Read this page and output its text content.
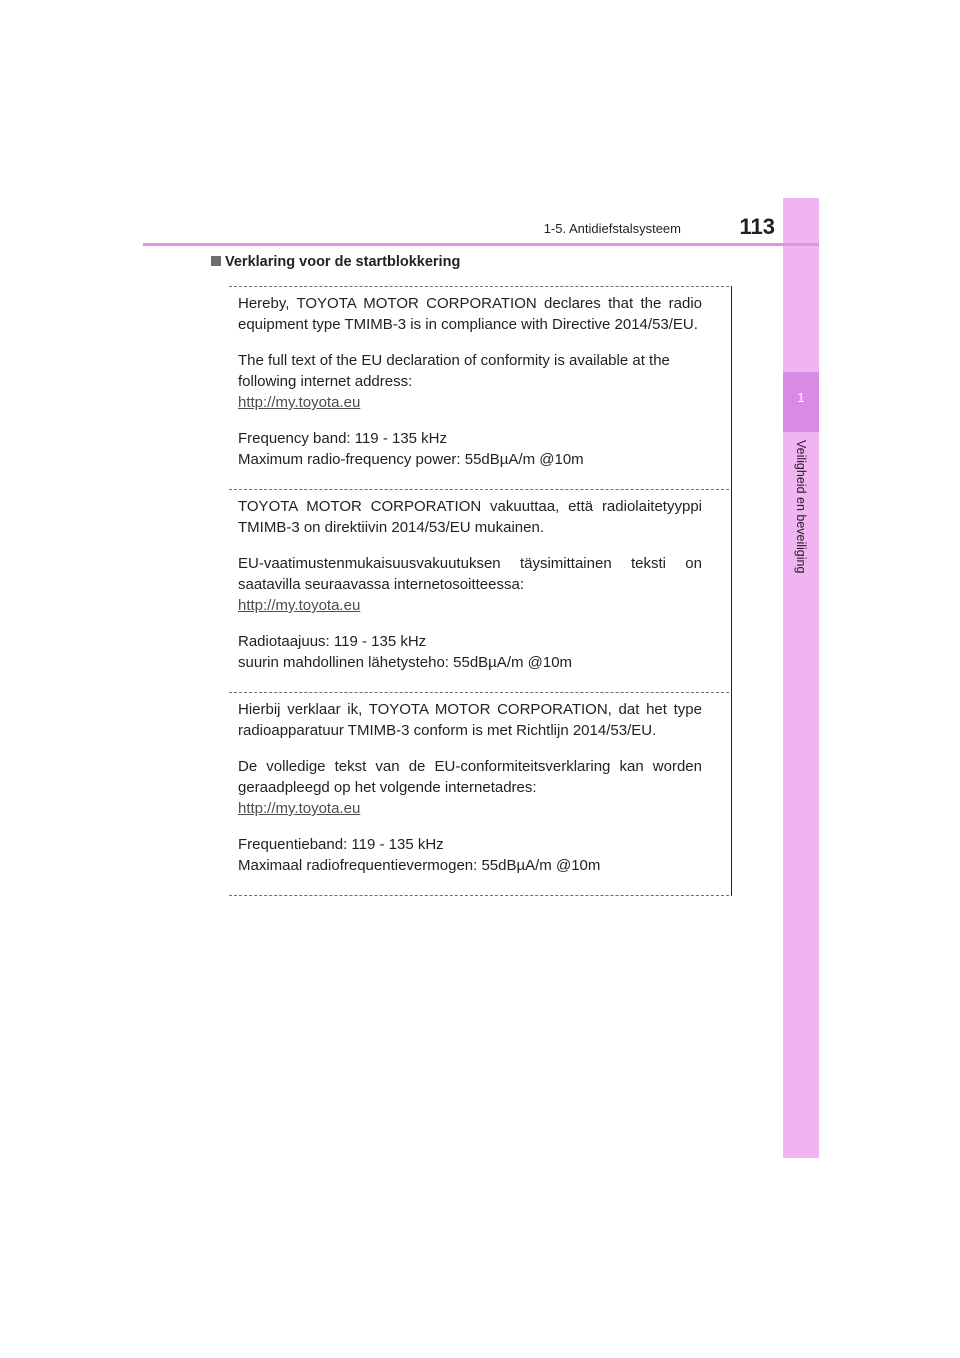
1
Veiligheid en beveiliging
1-5. Antidiefstalsysteem	113
Verklaring voor de startblokkering

Hereby, TOYOTA MOTOR CORPORATION declares that the radio

equipment type TMIMB-3 is in compliance with Directive 2014/53/EU.

The full text of the EU declaration of conformity is available at the

following internet address:

http://my.toyota.eu

Frequency band: 119 - 135 kHz

Maximum radio-frequency power: 55dBµA/m @10m

TOYOTA MOTOR CORPORATION vakuuttaa, että radiolaitetyyppi

TMIMB-3 on direktiivin 2014/53/EU mukainen.

EU-vaatimustenmukaisuusvakuutuksen täysimittainen teksti on

saatavilla seuraavassa internetosoitteessa:

http://my.toyota.eu

Radiotaajuus: 119 - 135 kHz

suurin mahdollinen lähetysteho: 55dBµA/m @10m

Hierbij verklaar ik, TOYOTA MOTOR CORPORATION, dat het type

radioapparatuur TMIMB-3 conform is met Richtlijn 2014/53/EU.

De volledige tekst van de EU-conformiteitsverklaring kan worden

geraadpleegd op het volgende internetadres:

http://my.toyota.eu

Frequentieband: 119 - 135 kHz

Maximaal radiofrequentievermogen: 55dBµA/m @10m
